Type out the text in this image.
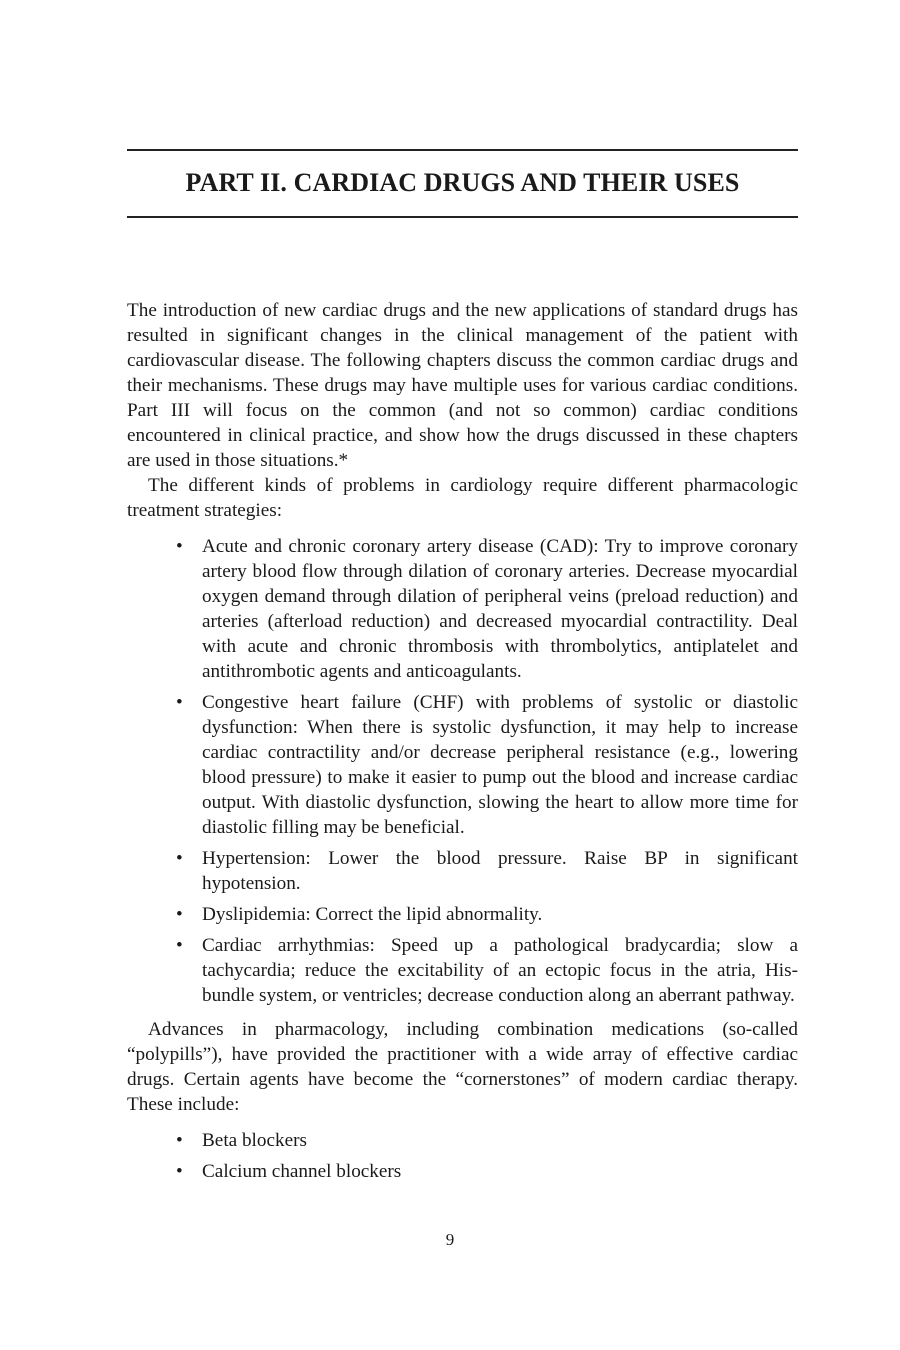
PART II. CARDIAC DRUGS AND THEIR USES

The introduction of new cardiac drugs and the new applications of standard drugs has resulted in significant changes in the clinical management of the patient with cardiovascular disease. The following chapters discuss the common cardiac drugs and their mechanisms. These drugs may have multiple uses for various cardiac conditions. Part III will focus on the common (and not so common) cardiac conditions encountered in clinical practice, and show how the drugs discussed in these chapters are used in those situations.*

The different kinds of problems in cardiology require different pharmacologic treatment strategies:

• Acute and chronic coronary artery disease (CAD): Try to improve coronary artery blood flow through dilation of coronary arteries. Decrease myocardial oxygen demand through dilation of peripheral veins (preload reduction) and arteries (afterload reduction) and decreased myocardial contractility. Deal with acute and chronic thrombosis with thrombolytics, antiplatelet and antithrombotic agents and anticoagulants.
• Congestive heart failure (CHF) with problems of systolic or diastolic dysfunction: When there is systolic dysfunction, it may help to increase cardiac contractility and/or decrease peripheral resistance (e.g., lowering blood pressure) to make it easier to pump out the blood and increase cardiac output. With diastolic dysfunction, slowing the heart to allow more time for diastolic filling may be beneficial.
• Hypertension: Lower the blood pressure. Raise BP in significant hypotension.
• Dyslipidemia: Correct the lipid abnormality.
• Cardiac arrhythmias: Speed up a pathological bradycardia; slow a tachycardia; reduce the excitability of an ectopic focus in the atria, His-bundle system, or ventricles; decrease conduction along an aberrant pathway.

Advances in pharmacology, including combination medications (so-called “polypills”), have provided the practitioner with a wide array of effective cardiac drugs. Certain agents have become the “cornerstones” of modern cardiac therapy. These include:

• Beta blockers
• Calcium channel blockers
9
